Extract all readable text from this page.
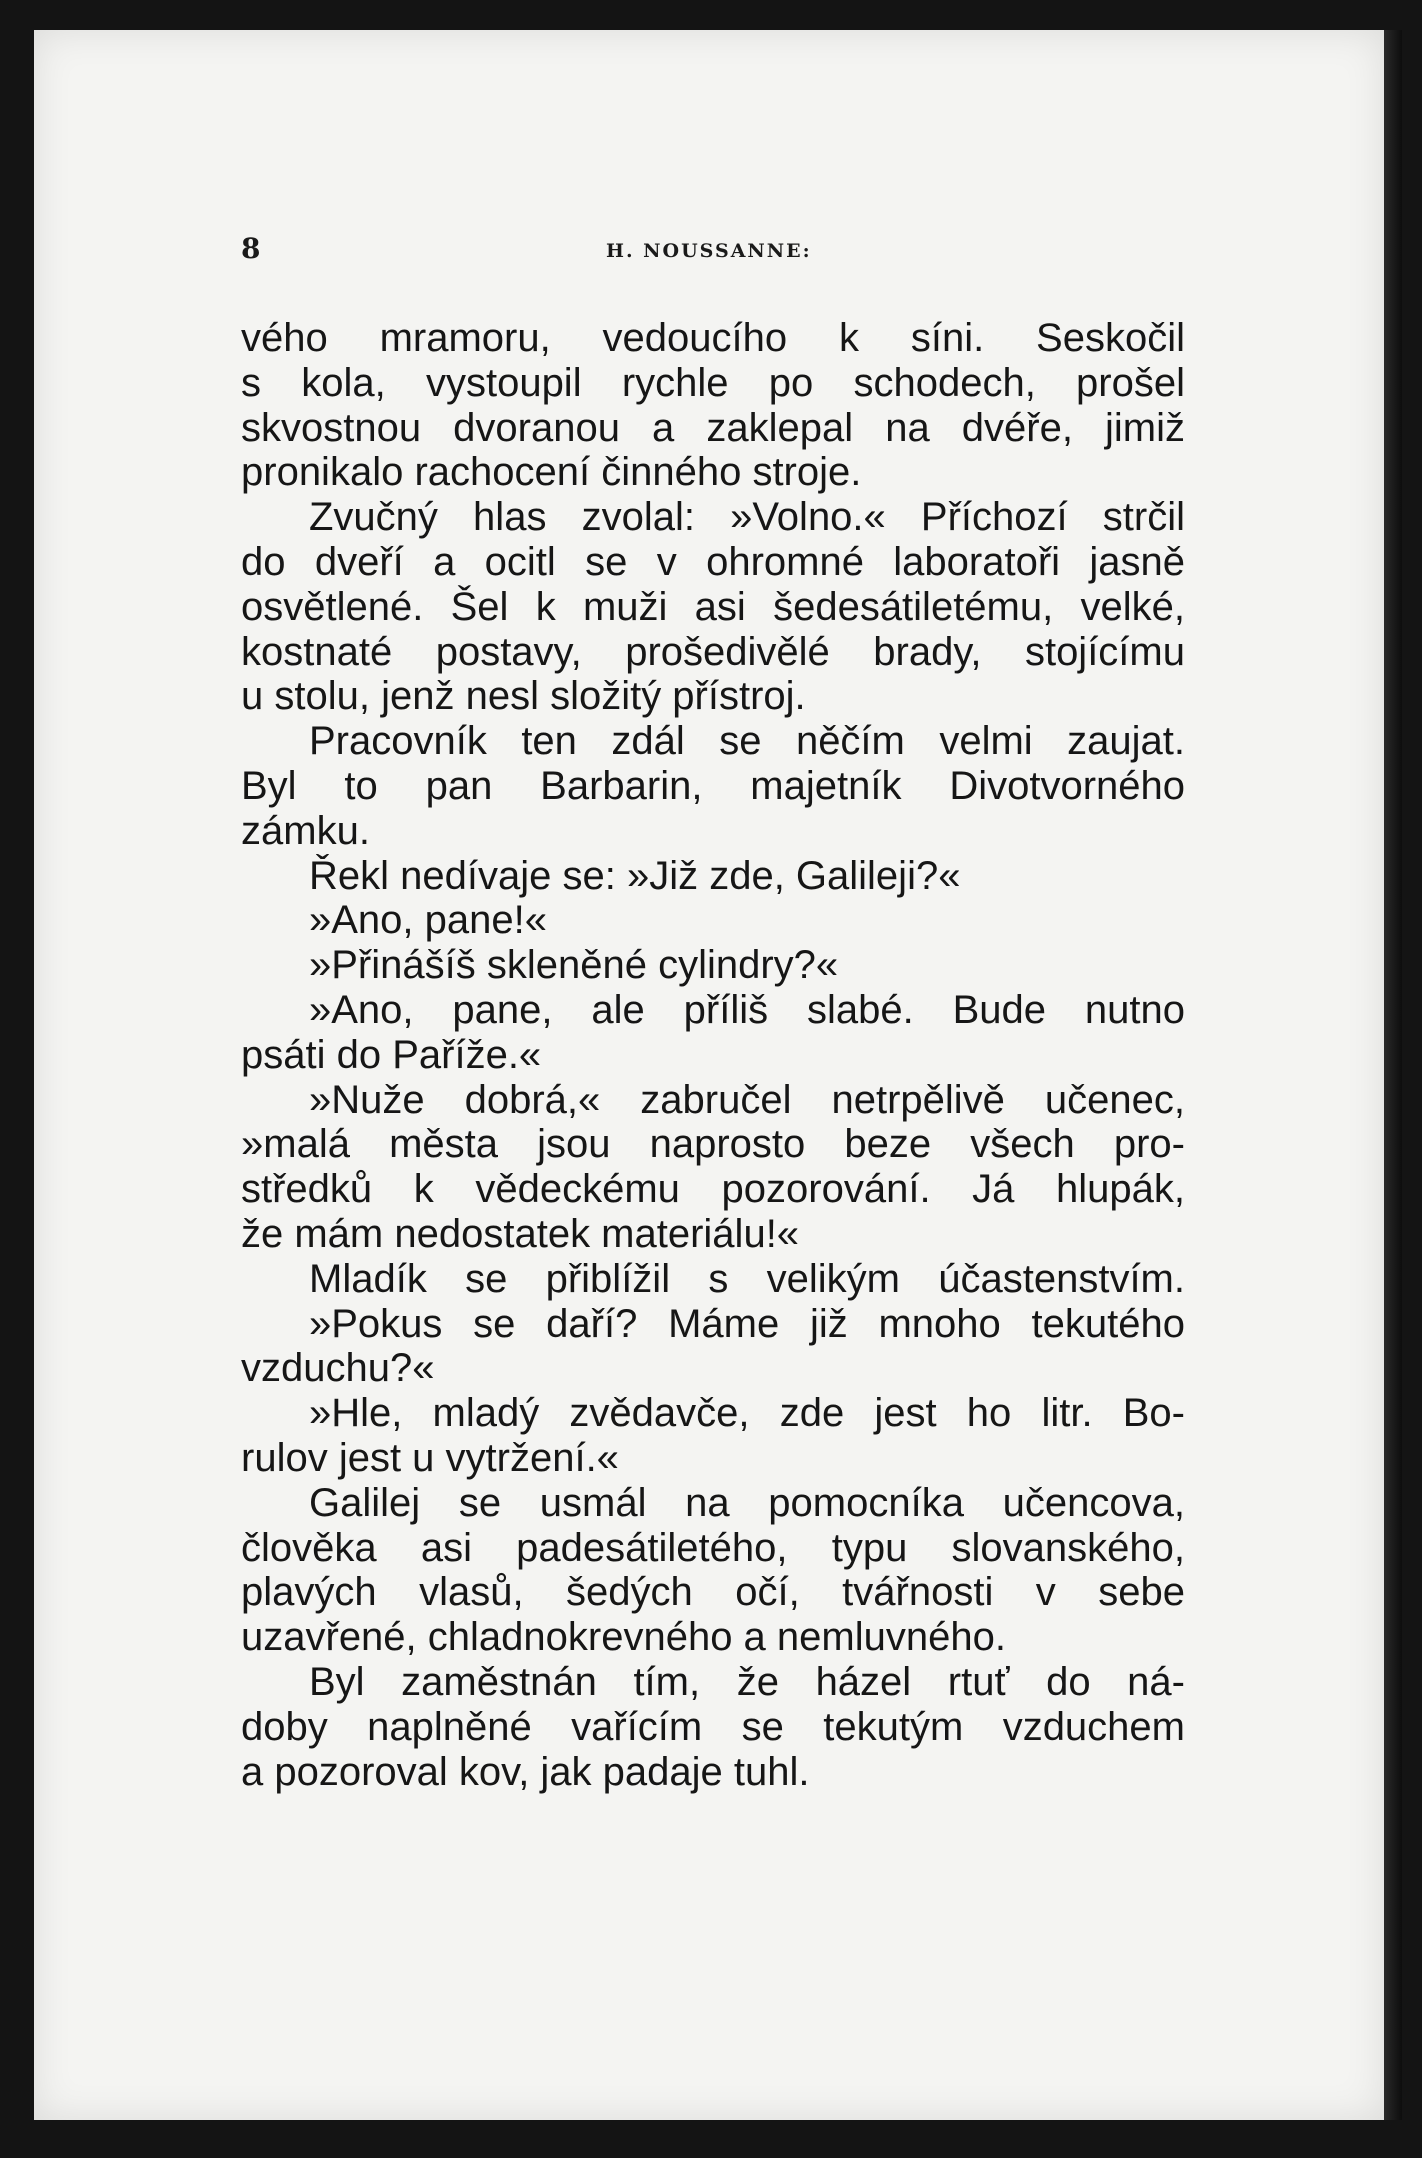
8	H. NOUSSANNE:
vého mramoru, vedoucího k síni. Seskočil
s kola, vystoupil rychle po schodech, prošel
skvostnou dvoranou a zaklepal na dvéře, jimiž
pronikalo rachocení činného stroje.
Zvučný hlas zvolal: »Volno.« Příchozí strčil
do dveří a ocitl se v ohromné laboratoři jasně
osvětlené. Šel k muži asi šedesátiletému, velké,
kostnaté postavy, prošedivělé brady, stojícímu
u stolu, jenž nesl složitý přístroj.
Pracovník ten zdál se něčím velmi zaujat.
Byl to pan Barbarin, majetník Divotvorného
zámku.
Řekl nedívaje se: »Již zde, Galileji?«
»Ano, pane!«
»Přinášíš skleněné cylindry?«
»Ano, pane, ale příliš slabé. Bude nutno
psáti do Paříže.«
»Nuže dobrá,« zabručel netrpělivě učenec,
»malá města jsou naprosto beze všech pro-
středků k vědeckému pozorování. Já hlupák,
že mám nedostatek materiálu!«
Mladík se přiblížil s velikým účastenstvím.
»Pokus se daří? Máme již mnoho tekutého
vzduchu?«
»Hle, mladý zvědavče, zde jest ho litr. Bo-
rulov jest u vytržení.«
Galilej se usmál na pomocníka učencova,
člověka asi padesátiletého, typu slovanského,
plavých vlasů, šedých očí, tvářnosti v sebe
uzavřené, chladnokrevného a nemluvného.
Byl zaměstnán tím, že házel rtuť do ná-
doby naplněné vařícím se tekutým vzduchem
a pozoroval kov, jak padaje tuhl.
